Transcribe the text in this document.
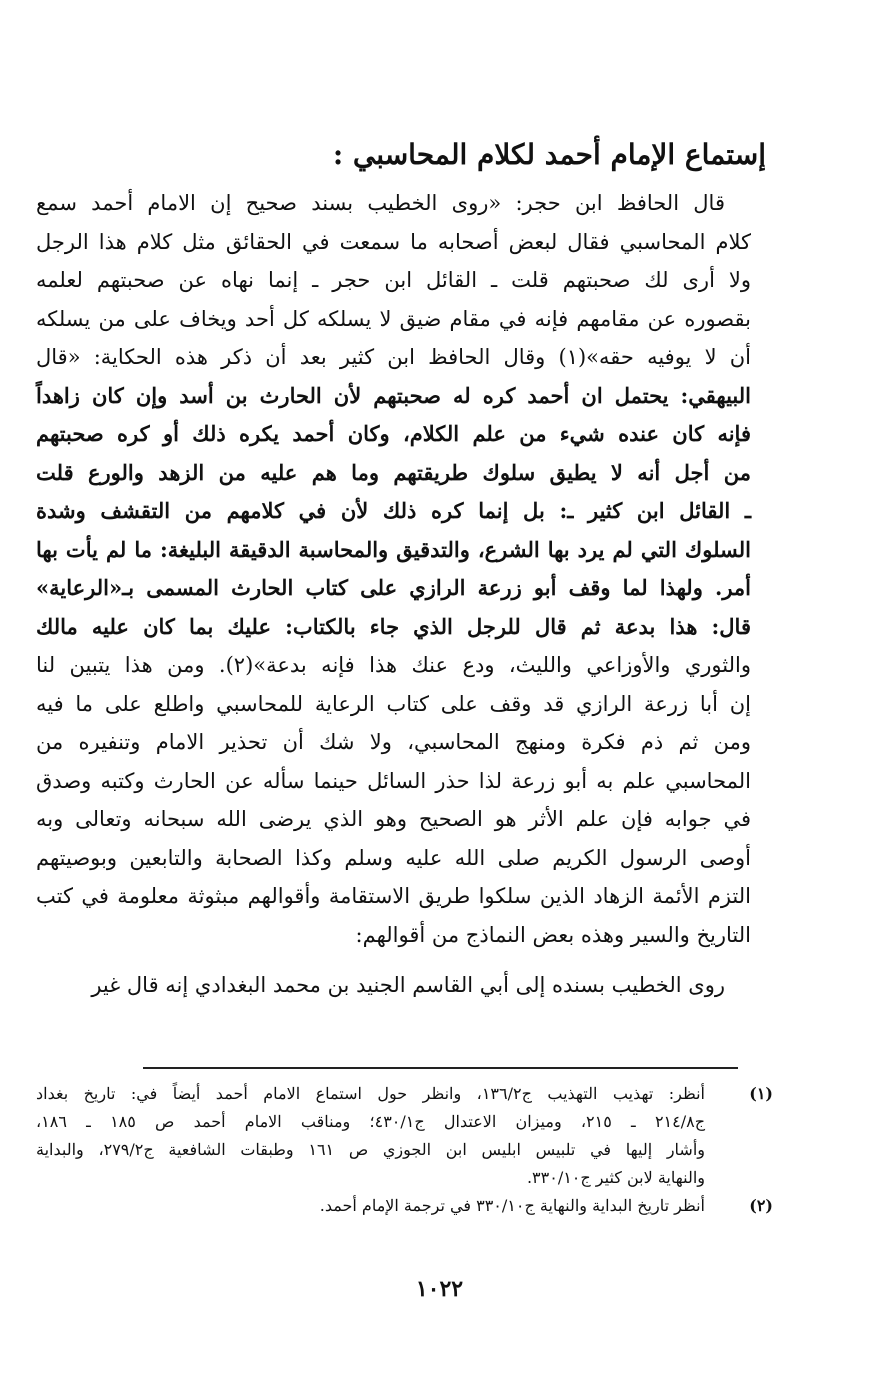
إستماع الإمام أحمد لكلام المحاسبي :
قال الحافظ ابن حجر: «روى الخطيب بسند صحيح إن الامام أحمد سمع
كلام المحاسبي فقال لبعض أصحابه ما سمعت في الحقائق مثل كلام هذا الرجل
ولا أرى لك صحبتهم قلت ـ القائل ابن حجر ـ إنما نهاه عن صحبتهم لعلمه
بقصوره عن مقامهم فإنه في مقام ضيق لا يسلكه كل أحد ويخاف على من يسلكه
أن لا يوفيه حقه»(١) وقال الحافظ ابن كثير بعد أن ذكر هذه الحكاية: «قال
البيهقي: يحتمل ان أحمد كره له صحبتهم لأن الحارث بن أسد وإن كان زاهداً
فإنه كان عنده شيء من علم الكلام، وكان أحمد يكره ذلك أو كره صحبتهم
من أجل أنه لا يطيق سلوك طريقتهم وما هم عليه من الزهد والورع قلت
ـ القائل ابن كثير ـ: بل إنما كره ذلك لأن في كلامهم من التقشف وشدة
السلوك التي لم يرد بها الشرع، والتدقيق والمحاسبة الدقيقة البليغة: ما لم يأت بها
أمر. ولهذا لما وقف أبو زرعة الرازي على كتاب الحارث المسمى بـ«الرعاية»
قال: هذا بدعة ثم قال للرجل الذي جاء بالكتاب: عليك بما كان عليه مالك
والثوري والأوزاعي والليث، ودع عنك هذا فإنه بدعة»(٢). ومن هذا يتبين لنا
إن أبا زرعة الرازي قد وقف على كتاب الرعاية للمحاسبي واطلع على ما فيه
ومن ثم ذم فكرة ومنهج المحاسبي، ولا شك أن تحذير الامام وتنفيره من
المحاسبي علم به أبو زرعة لذا حذر السائل حينما سأله عن الحارث وكتبه وصدق
في جوابه فإن علم الأثر هو الصحيح وهو الذي يرضى الله سبحانه وتعالى وبه
أوصى الرسول الكريم صلى الله عليه وسلم وكذا الصحابة والتابعين وبوصيتهم
التزم الأئمة الزهاد الذين سلكوا طريق الاستقامة وأقوالهم مبثوثة معلومة في كتب
التاريخ والسير وهذه بعض النماذج من أقوالهم:
روى الخطيب بسنده إلى أبي القاسم الجنيد بن محمد البغدادي إنه قال غير
(١)
أنظر: تهذيب التهذيب ج١٣٦/٢، وانظر حول استماع الامام أحمد أيضاً في: تاريخ بغداد
ج٢١٤/٨ ـ ٢١٥، وميزان الاعتدال ج٤٣٠/١؛ ومناقب الامام أحمد ص ١٨٥ ـ ١٨٦،
وأشار إليها في تلبيس ابليس ابن الجوزي ص ١٦١ وطبقات الشافعية ج٢٧٩/٢، والبداية
والنهاية لابن كثير ج٣٣٠/١٠.
(٢)
أنظر تاريخ البداية والنهاية ج٣٣٠/١٠ في ترجمة الإمام أحمد.
١٠٢٢
